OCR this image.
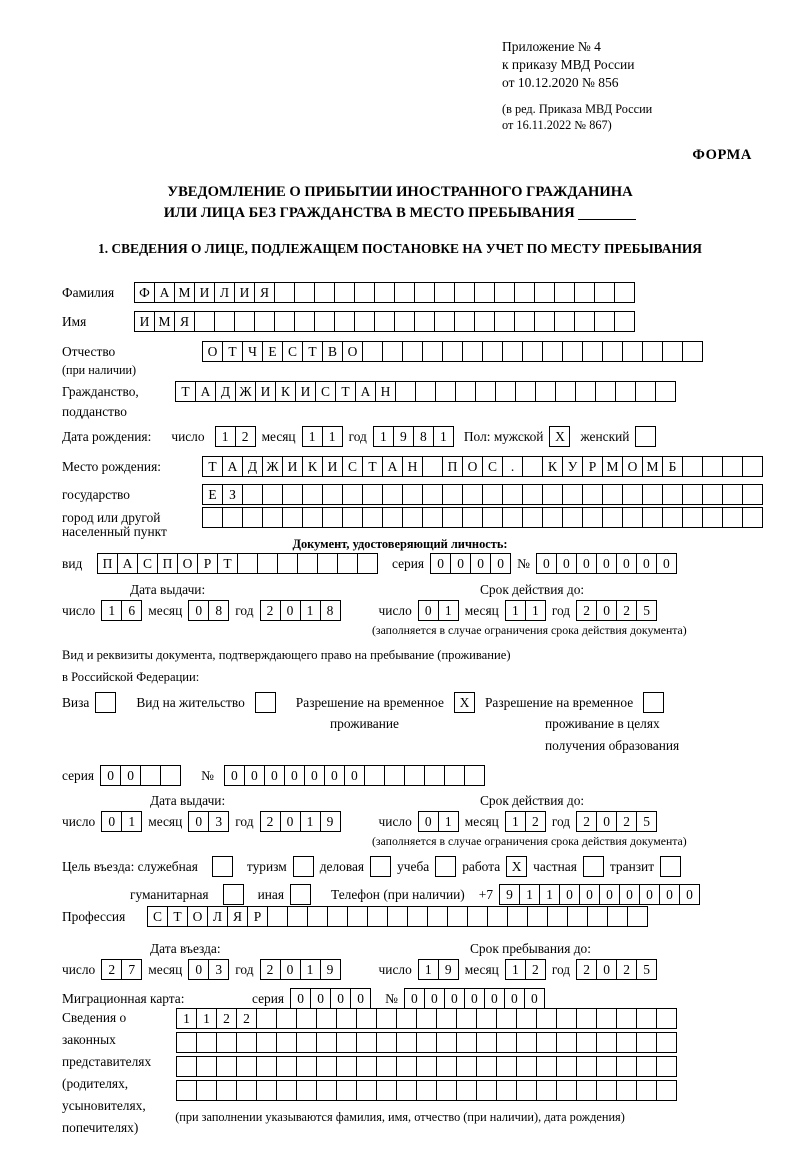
Приложение № 4
к приказу МВД России
от 10.12.2020 № 856
(в ред. Приказа МВД России
от 16.11.2022 № 867)
ФОРМА
УВЕДОМЛЕНИЕ О ПРИБЫТИИ ИНОСТРАННОГО ГРАЖДАНИНА
ИЛИ ЛИЦА БЕЗ ГРАЖДАНСТВА В МЕСТО ПРЕБЫВАНИЯ
1. СВЕДЕНИЯ О ЛИЦЕ, ПОДЛЕЖАЩЕМ ПОСТАНОВКЕ НА УЧЕТ ПО МЕСТУ ПРЕБЫВАНИЯ
Фамилия	Ф А М И Л И Я
Имя	И М Я
Отчество	О Т Ч Е С Т В О
(при наличии)
Гражданство,	Т А Д Ж И К И С Т А Н
подданство
Дата рождения: число	1 2 месяц 1 1 год 1 9 8 1	Пол: мужской X	женский
Место рождения:	Т А Д Ж И К И С Т А Н	П О С	.	К У Р М О М Б
государство	Е З
город или другой
населенный пункт
Документ, удостоверяющий личность:
вид	П А С П О Р Т	серия 0 0 0 0 № 0 0 0 0 0 0 0
Дата выдачи:	Срок действия до:
число 1 6 месяц 0 8 год 2 0 1 8	число 0 1 месяц 1 1 год 2 0 2 5
(заполняется в случае ограничения срока действия документа)
Вид и реквизиты документа, подтверждающего право на пребывание (проживание)
в Российской Федерации:
Виза	Вид на жительство	Разрешение на временное	X	Разрешение на временное
проживание	проживание в целях
получения образования
серия 0 0	№	0 0 0 0 0 0 0
Дата выдачи:	Срок действия до:
число 0 1 месяц 0 3 год 2 0 1 9	число 0 1 месяц 1 2 год 2 0 2 5
(заполняется в случае ограничения срока действия документа)
Цель въезда: служебная	туризм деловая учеба работа X частная транзит
гуманитарная	иная	Телефон (при наличии) +7 9 1 1 0 0 0 0 0 0 0
Профессия	С Т О Л Я Р
Дата въезда:	Срок пребывания до:
число 2 7 месяц 0 3 год 2 0 1 9	число 1 9 месяц 1 2 год 2 0 2 5
Миграционная карта:	серия 0 0 0 0	№ 0 0 0 0 0 0 0
Сведения о
законных
представителях
(родителях,
усыновителях,
попечителях)
1 1 2 2
(при заполнении указываются фамилия, имя, отчество (при наличии), дата рождения)
